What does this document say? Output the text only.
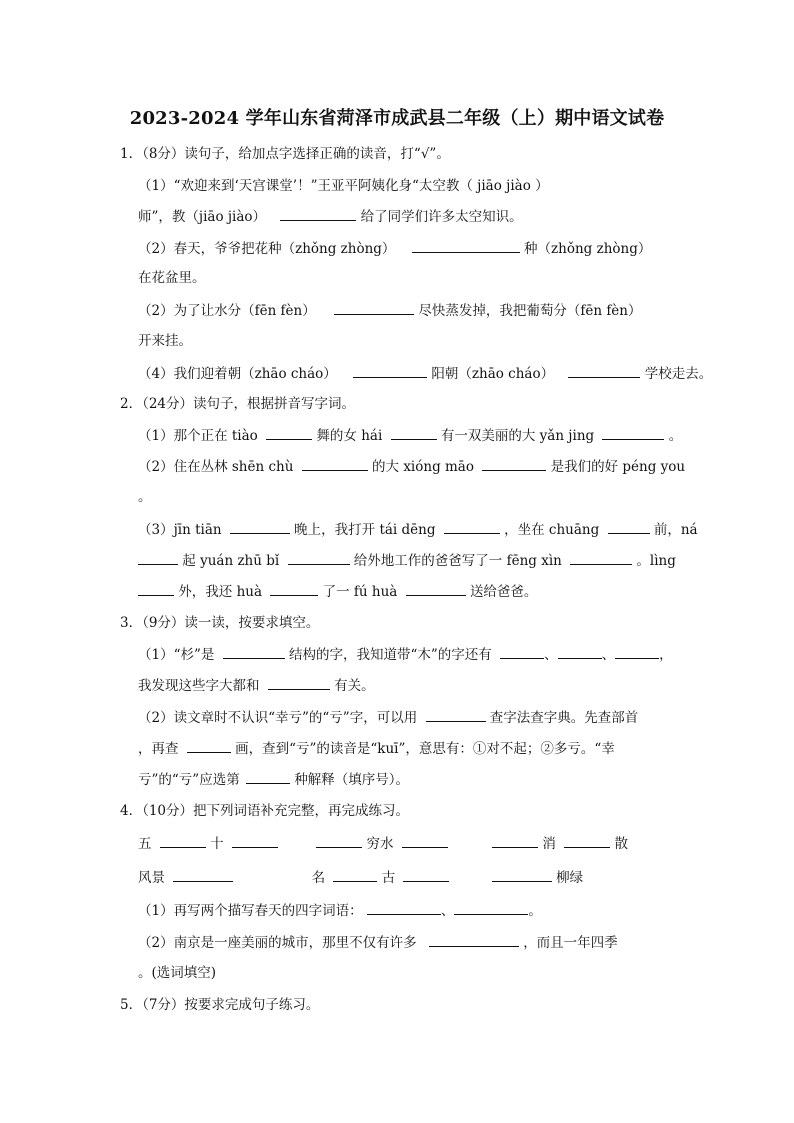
2023-2024 学年山东省菏泽市成武县二年级（上）期中语文试卷
1．（8分）读句子，给加点字选择正确的读音，打“√”。
（1）“欢迎来到‘天宫课堂’！”王亚平阿姨化身“太空教（ jiāo jiào ）
师”，教（jiāo jiào）	给了同学们许多太空知识。
（2）春天，爷爷把花种（zhǒng zhòng）	种（zhǒng zhòng）
在花盆里。
（2）为了让水分（fēn fèn）	尽快蒸发掉，我把葡萄分（fēn fèn）
开来挂。
（4）我们迎着朝（zhāo cháo）	阳朝（zhāo cháo）	学校走去。
2．（24分）读句子，根据拼音写字词。
（1）那个正在 tiào	舞的女 hái	有一双美丽的大 yǎn jing	。
（2）住在丛林 shēn chù	的大 xióng māo	是我们的好 péng you
。
（3）jīn tiān	晚上，我打开 tái dēng	，坐在 chuāng	前，ná
起 yuán zhū bǐ	给外地工作的爸爸写了一 fēng xìn	。lìng
外，我还 huà	了一 fú huà	送给爸爸。
3．（9分）读一读，按要求填空。
（1）“杉”是	结构的字，我知道带“木”的字还有	、	、	，
我发现这些字大都和	有关。
（2）读文章时不认识“幸亏”的“亏”字，可以用	查字法查字典。先查部首
，再查	画，查到“亏”的读音是“kuī”，意思有：①对不起；②多亏。“幸
亏”的“亏”应选第	种解释（填序号）。
4．（10分）把下列词语补充完整，再完成练习。
五	十	穷水	消	散
风景	名	古	柳绿
（1）再写两个描写春天的四字词语：	、	。
（2）南京是一座美丽的城市，那里不仅有许多	，而且一年四季
。(选词填空)
5．（7分）按要求完成句子练习。
